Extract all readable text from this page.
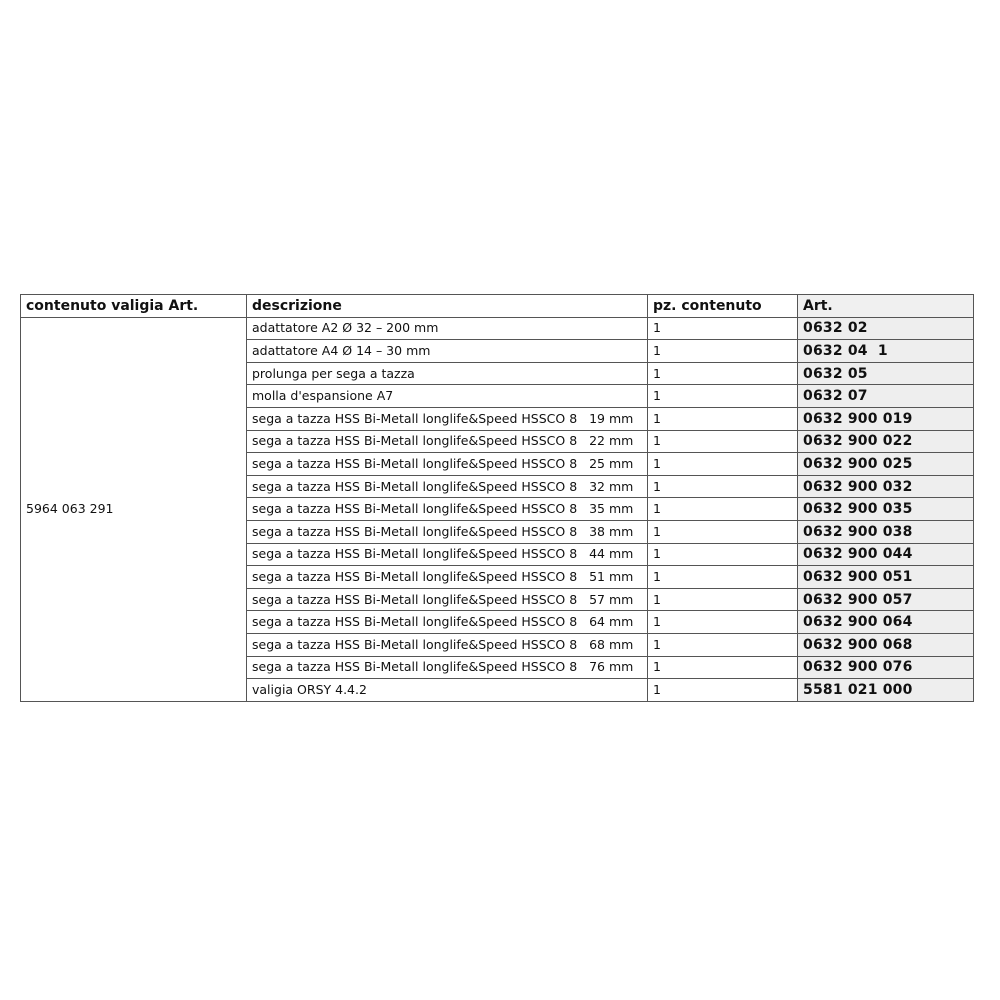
contenuto valigia Art.	descrizione	pz. contenuto	Art.
5964 063 291	adattatore A2 Ø 32 – 200 mm	1	0632 02
	adattatore A4 Ø 14 – 30 mm	1	0632 04  1
	prolunga per sega a tazza	1	0632 05
	molla d'espansione A7	1	0632 07
	sega a tazza HSS Bi-Metall longlife&Speed HSSCO 8   19 mm	1	0632 900 019
	sega a tazza HSS Bi-Metall longlife&Speed HSSCO 8   22 mm	1	0632 900 022
	sega a tazza HSS Bi-Metall longlife&Speed HSSCO 8   25 mm	1	0632 900 025
	sega a tazza HSS Bi-Metall longlife&Speed HSSCO 8   32 mm	1	0632 900 032
	sega a tazza HSS Bi-Metall longlife&Speed HSSCO 8   35 mm	1	0632 900 035
	sega a tazza HSS Bi-Metall longlife&Speed HSSCO 8   38 mm	1	0632 900 038
	sega a tazza HSS Bi-Metall longlife&Speed HSSCO 8   44 mm	1	0632 900 044
	sega a tazza HSS Bi-Metall longlife&Speed HSSCO 8   51 mm	1	0632 900 051
	sega a tazza HSS Bi-Metall longlife&Speed HSSCO 8   57 mm	1	0632 900 057
	sega a tazza HSS Bi-Metall longlife&Speed HSSCO 8   64 mm	1	0632 900 064
	sega a tazza HSS Bi-Metall longlife&Speed HSSCO 8   68 mm	1	0632 900 068
	sega a tazza HSS Bi-Metall longlife&Speed HSSCO 8   76 mm	1	0632 900 076
	valigia ORSY 4.4.2	1	5581 021 000
